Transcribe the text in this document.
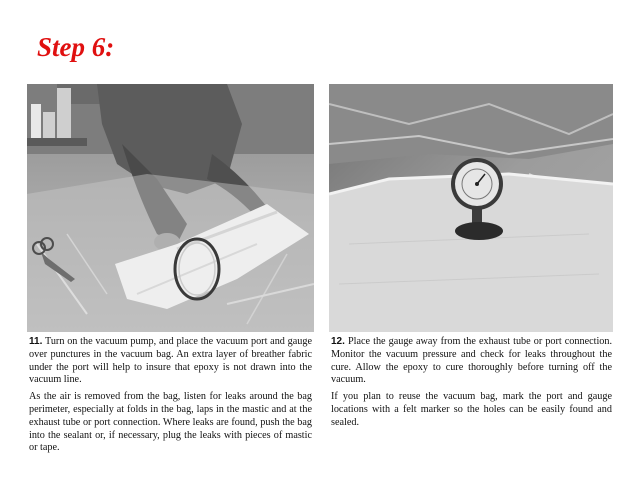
Step 6:

11. Turn on the vacuum pump, and place the vacuum port and gauge over punctures in the vacuum bag. An extra layer of breather fabric under the port will help to insure that epoxy is not drawn into the vacuum line.

As the air is removed from the bag, listen for leaks around the bag perimeter, especially at folds in the bag, laps in the mastic and at the exhaust tube or port connection. Where leaks are found, push the bag into the sealant or, if necessary, plug the leaks with pieces of mastic or tape.

12. Place the gauge away from the exhaust tube or port connection. Monitor the vacuum pressure and check for leaks throughout the cure. Allow the epoxy to cure thoroughly before turning off the vacuum.

If you plan to reuse the vacuum bag, mark the port and gauge locations with a felt marker so the holes can be easily found and sealed.
